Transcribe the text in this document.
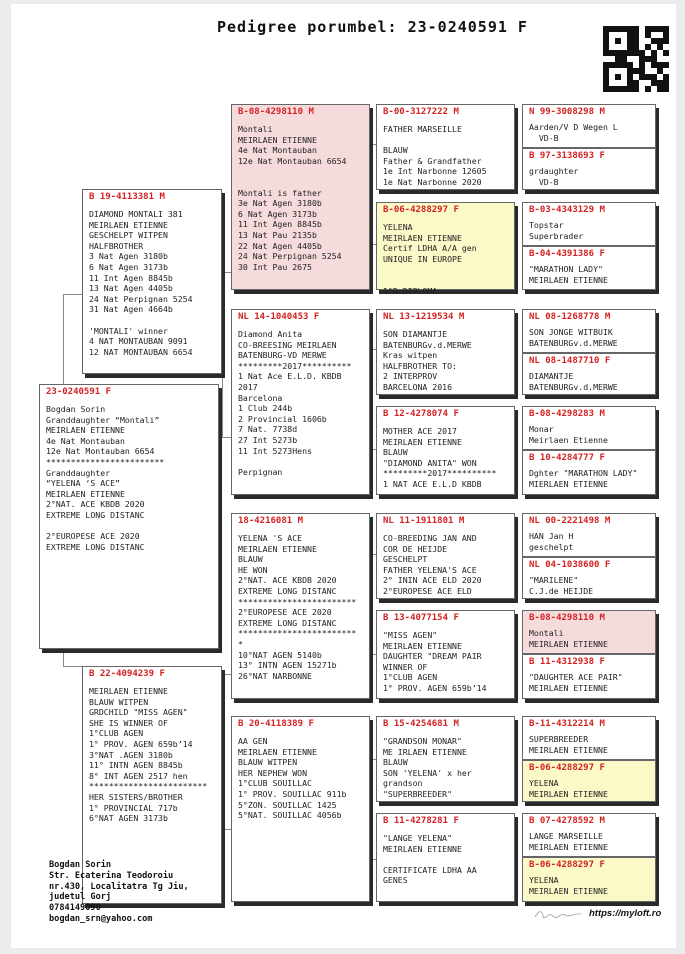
Pedigree porumbel: 23-0240591 F
23-0240591 F
Bogdan Sorin
Granddaughter “Montali”
MEIRLAEN ETIENNE
4e Nat Montauban
12e Nat Montauban 6654
************************
Granddaughter
“YELENA ‘S ACE”
MEIRLAEN ETIENNE
2°NAT. ACE KBDB 2020
EXTREME LONG DISTANC

2°EUROPESE ACE 2020
EXTREME LONG DISTANC
B 19-4113381 M
DIAMOND MONTALI 381
MEIRLAEN ETIENNE
GESCHELPT WITPEN
HALFBROTHER
3 Nat Agen 3180b
6 Nat Agen 3173b
11 Int Agen 8845b
13 Nat Agen 4405b
24 Nat Perpignan 5254
31 Nat Agen 4664b

'MONTALI' winner
4 NAT MONTAUBAN 9091
12 NAT MONTAUBAN 6654
B 22-4094239 F
MEIRLAEN ETIENNE
BLAUW WITPEN
GRDCHILD "MISS AGEN"
SHE IS WINNER OF
1°CLUB AGEN
1° PROV. AGEN 659b’14
3°NAT .AGEN 3180b
11° INTN AGEN 8845b
8° INT AGEN 2517 hen
************************
HER SISTERS/BROTHER
1° PROVINCIAL 717b
6°NAT AGEN 3173b
B-08-4298110 M
Montali
MEIRLAEN ETIENNE
4e Nat Montauban
12e Nat Montauban 6654

Montali is father
3e Nat Agen 3180b
6 Nat Agen 3173b
11 Int Agen 8845b
13 Nat Pau 2135b
22 Nat Agen 4405b
24 Nat Perpignan 5254
30 Int Pau 2675
NL 14-1040453 F
Diamond Anita
CO-BREESING MEIRLAEN
BATENBURG-VD MERWE
*********2017**********
1 Nat Ace E.L.D. KBDB
2017
Barcelona
1 Club 244b
2 Provincial 1606b
7 Nat. 7738d
27 Int 5273b
11 Int 5273Hens

Perpignan
18-4216081 M
YELENA 'S ACE
MEIRLAEN ETIENNE
BLAUW
HE WON
2°NAT. ACE KBDB 2020
EXTREME LONG DISTANC
************************
2°EUROPESE ACE 2020
EXTREME LONG DISTANC
************************
*
10°NAT AGEN 5140b
13° INTN AGEN 15271b
26°NAT NARBONNE
B 20-4118389 F
AA GEN
MEIRLAEN ETIENNE
BLAUW WITPEN
HER NEPHEW WON
1°CLUB SOUILLAC
1° PROV. SOUILLAC 911b
5°ZON. SOUILLAC 1425
5°NAT. SOUILLAC 4056b
B-00-3127222 M
FATHER MARSEILLE

BLAUW
Father & Grandfather
1e Int Narbonne 12605
1e Nat Narbonne 2020
B-06-4288297 F
YELENA
MEIRLAEN ETIENNE
Certif LDHA A/A gen
UNIQUE IN EUROPE

1°R DIPLOMA...
NL 13-1219534 M
SON DIAMANTJE
BATENBURGv.d.MERWE
Kras witpen
HALFBROTHER TO:
2 INTERPROV
BARCELONA 2016
B 12-4278074 F
MOTHER ACE 2017
MEIRLAEN ETIENNE
BLAUW
"DIAMOND ANITA" WON
*********2017**********
1 NAT ACE E.L.D KBDB
NL 11-1911801 M
CO-BREEDING JAN AND
COR DE HEIJDE
GESCHELPT
FATHER YELENA'S ACE
2° ININ ACE ELD 2020
2°EUROPESE ACE ELD
B 13-4077154 F
"MISS AGEN"
MEIRLAEN ETIENNE
DAUGHTER "DREAM PAIR
WINNER OF
1°CLUB AGEN
1° PROV. AGEN 659b’14
B 15-4254681 M
"GRANDSON MONAR"
ME IRLAEN ETIENNE
BLAUW
SON 'YELENA' x her
grandson
"SUPERBREEDER"
B 11-4278281 F
"LANGE YELENA"
MEIRLAEN ETIENNE

CERTIFICATE LDHA AA
GENES
N 99-3008298 M
Aarden/V D Wegen L
VD-B
B 97-3138693 F
grdaughter
VD-B
B-03-4343129 M
Topstar
Superbrader
B-04-4391386 F
"MARATHON LADY"
MEIRLAEN ETIENNE
NL 08-1268778 M
SON JONGE WITBUIK
BATENBURGv.d.MERWE
NL 08-1487710 F
DIAMANTJE
BATENBURGv.d.MERWE
B-08-4298283 M
Monar
Meirlaen Etienne
B 10-4284777 F
Dghter "MARATHON LADY"
MIERLAEN ETIENNE
NL 00-2221498 M
HAN Jan H
geschelpt
NL 04-1038600 F
"MARILENE"
C.J.de HEIJDE
B-08-4298110 M
Montali
MEIRLAEN ETIENNE
B 11-4312938 F
"DAUGHTER ACE PAIR"
MEIRLAEN ETIENNE
B-11-4312214 M
SUPERBREEDER
MEIRLAEN ETIENNE
B-06-4288297 F
YELENA
MEIRLAEN ETIENNE
B 07-4278592 M
LANGE MARSEILLE
MEIRLAEN ETIENNE
B-06-4288297 F
YELENA
MEIRLAEN ETIENNE
Bogdan Sorin
Str. Ecaterina Teodoroiu
nr.430, Localitatra Tg Jiu,
judetul Gorj
0784149090
bogdan_srn@yahoo.com	https://myloft.ro
